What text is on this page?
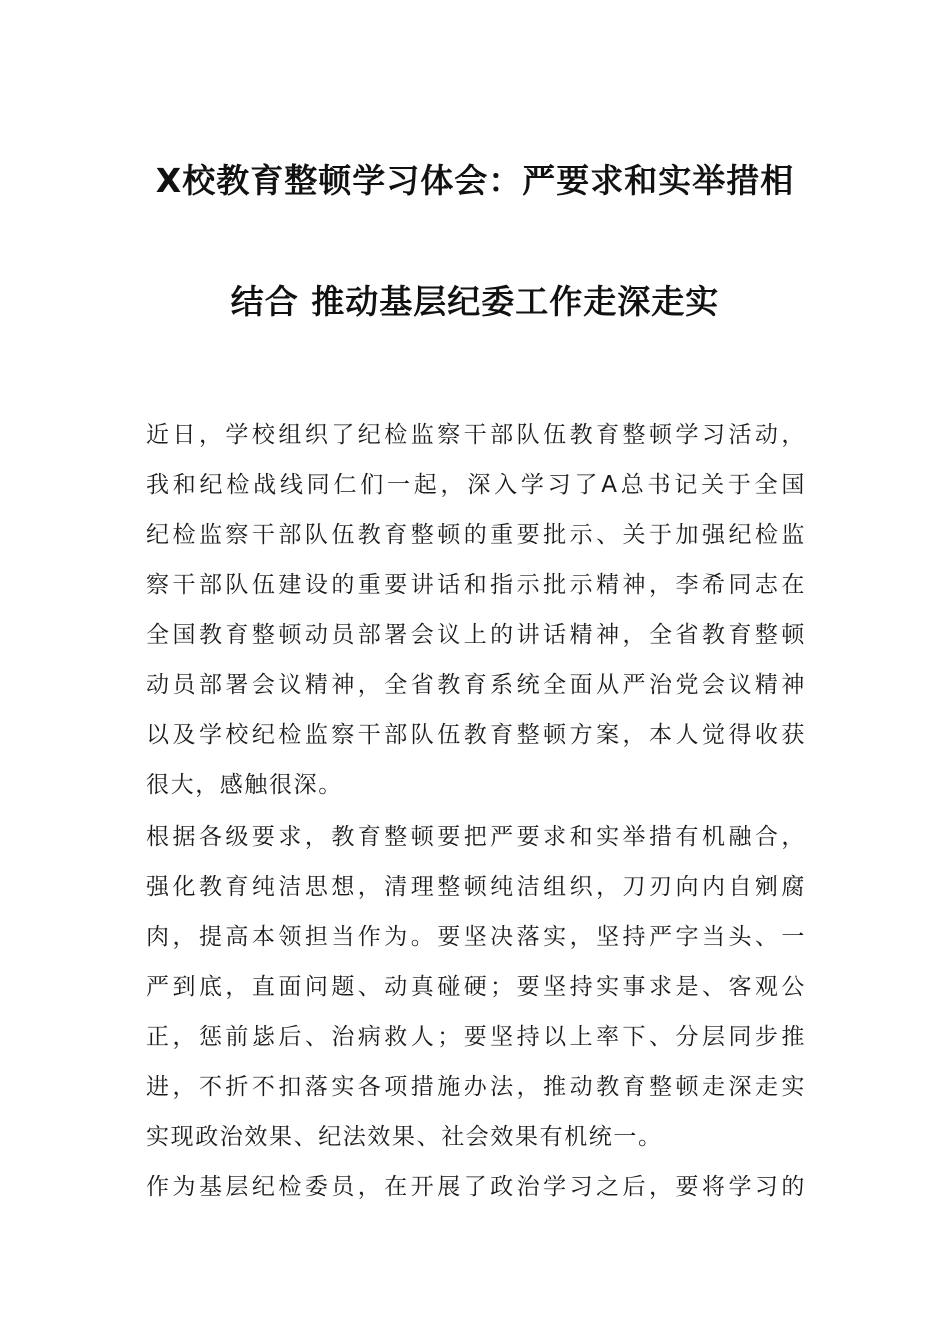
X校教育整顿学习体会：严要求和实举措相
结合 推动基层纪委工作走深走实
近日，学校组织了纪检监察干部队伍教育整顿学习活动，
我和纪检战线同仁们一起，深入学习了A总书记关于全国
纪检监察干部队伍教育整顿的重要批示、关于加强纪检监
察干部队伍建设的重要讲话和指示批示精神，李希同志在
全国教育整顿动员部署会议上的讲话精神，全省教育整顿
动员部署会议精神，全省教育系统全面从严治党会议精神
以及学校纪检监察干部队伍教育整顿方案，本人觉得收获
很大，感触很深。
根据各级要求，教育整顿要把严要求和实举措有机融合，
强化教育纯洁思想，清理整顿纯洁组织，刀刃向内自剜腐
肉，提高本领担当作为。要坚决落实，坚持严字当头、一
严到底，直面问题、动真碰硬；要坚持实事求是、客观公
正，惩前毖后、治病救人；要坚持以上率下、分层同步推
进，不折不扣落实各项措施办法，推动教育整顿走深走实
实现政治效果、纪法效果、社会效果有机统一。
作为基层纪检委员，在开展了政治学习之后，要将学习的
